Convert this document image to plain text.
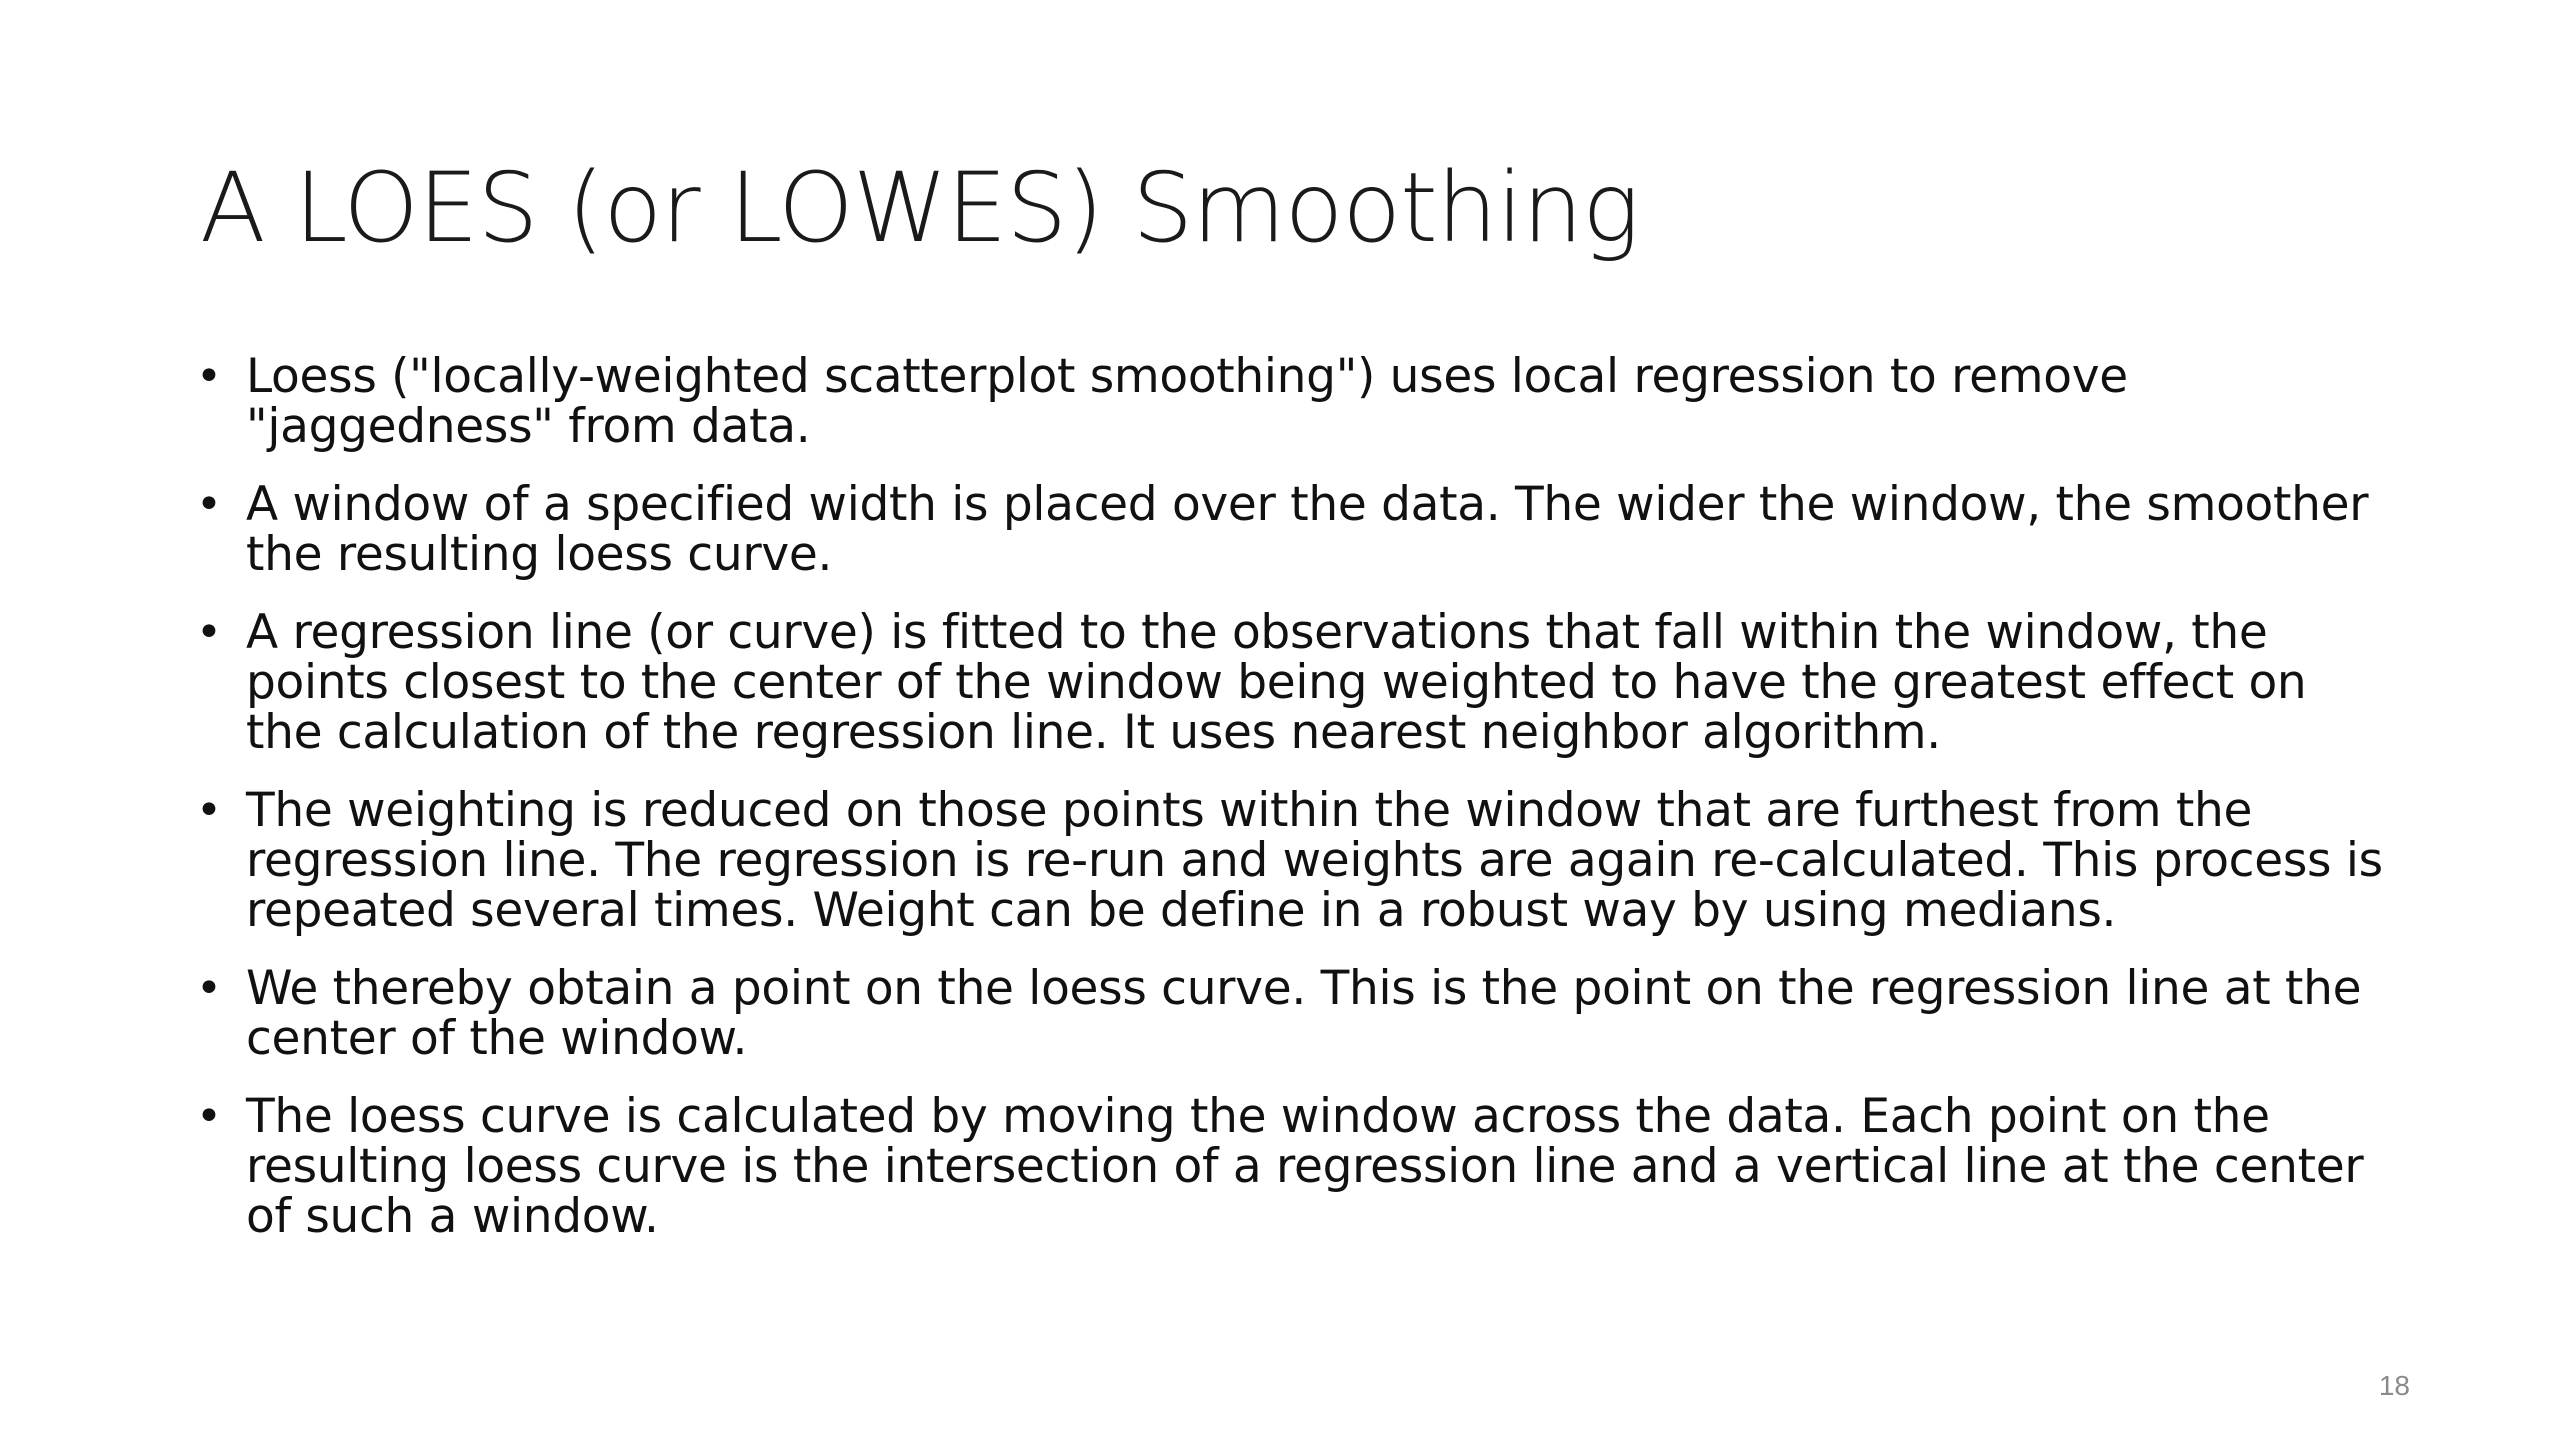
A LOES (or LOWES) Smoothing
• Loess ("locally-weighted scatterplot smoothing") uses local regression to remove "jaggedness" from data.
• A window of a specified width is placed over the data. The wider the window, the smoother the resulting loess curve.
• A regression line (or curve) is fitted to the observations that fall within the window, the points closest to the center of the window being weighted to have the greatest effect on the calculation of the regression line. It uses nearest neighbor algorithm.
• The weighting is reduced on those points within the window that are furthest from the regression line. The regression is re-run and weights are again re-calculated. This process is repeated several times. Weight can be define in a robust way by using medians.
• We thereby obtain a point on the loess curve. This is the point on the regression line at the center of the window.
• The loess curve is calculated by moving the window across the data. Each point on the resulting loess curve is the intersection of a regression line and a vertical line at the center of such a window.
18
